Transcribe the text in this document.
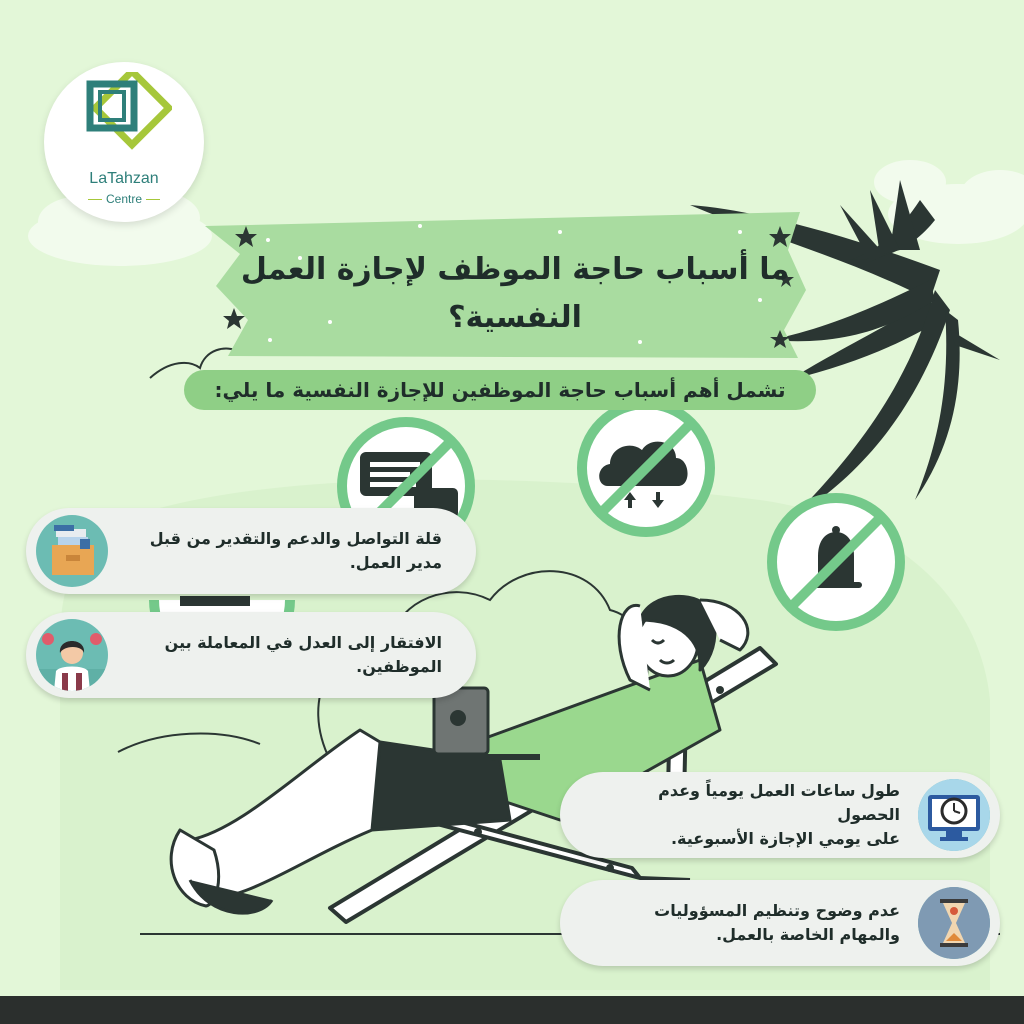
LaTahzan
Centre
ما أسباب حاجة الموظف لإجازة العمل
النفسية؟
تشمل أهم أسباب حاجة الموظفين للإجازة النفسية ما يلي:
قلة التواصل والدعم والتقدير من قبل
مدير العمل.
الافتقار إلى العدل في المعاملة بين
الموظفين.
طول ساعات العمل يومياً وعدم الحصول
على يومي الإجازة الأسبوعية.
عدم وضوح وتنظيم المسؤوليات
والمهام الخاصة بالعمل.
